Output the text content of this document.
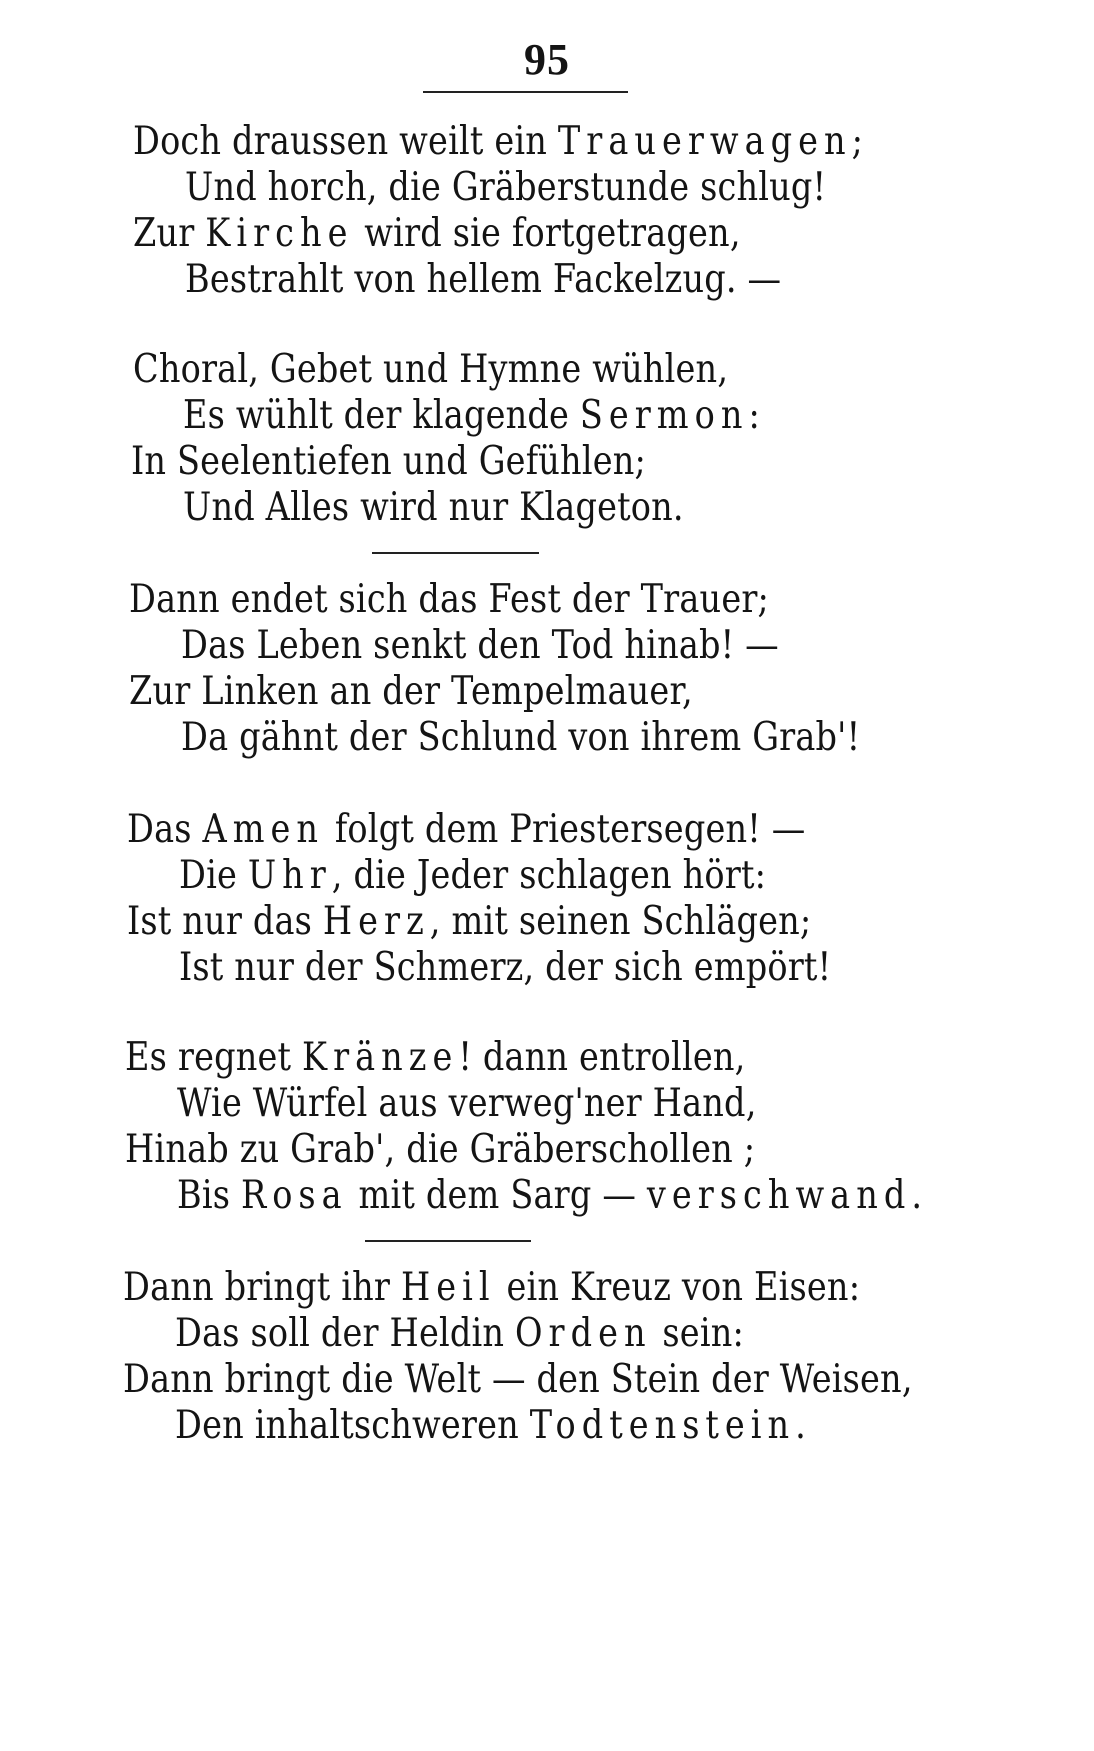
95
Doch draussen weilt ein Trauerwagen;
Und horch, die Gräberstunde schlug!
Zur Kirche wird sie fortgetragen,
Bestrahlt von hellem Fackelzug. —
Choral, Gebet und Hymne wühlen,
Es wühlt der klagende Sermon:
In Seelentiefen und Gefühlen;
Und Alles wird nur Klageton.
Dann endet sich das Fest der Trauer;
Das Leben senkt den Tod hinab! —
Zur Linken an der Tempelmauer,
Da gähnt der Schlund von ihrem Grab'!
Das Amen folgt dem Priestersegen! —
Die Uhr, die Jeder schlagen hört:
Ist nur das Herz, mit seinen Schlägen;
Ist nur der Schmerz, der sich empört!
Es regnet Kränze! dann entrollen,
Wie Würfel aus verweg'ner Hand,
Hinab zu Grab', die Gräberschollen ;
Bis Rosa mit dem Sarg — verschwand.
Dann bringt ihr Heil ein Kreuz von Eisen:
Das soll der Heldin Orden sein:
Dann bringt die Welt — den Stein der Weisen,
Den inhaltschweren Todtenstein.
